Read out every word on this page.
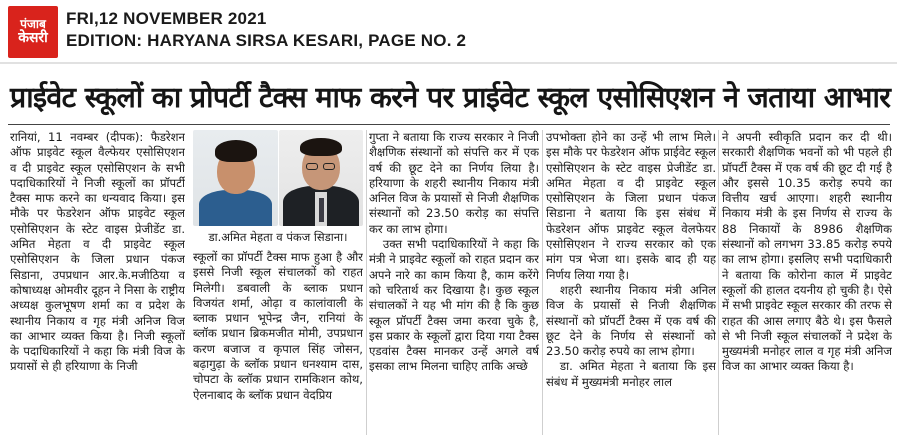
पंजाब
केसरी
FRI,12 NOVEMBER 2021
EDITION: HARYANA SIRSA KESARI, PAGE NO. 2
प्राईवेट स्कूलों का प्रोपर्टी टैक्स माफ करने पर प्राईवेट स्कूल एसोसिएशन ने जताया आभार

रानियां, 11 नवम्बर (दीपक): फैडरेशन ऑफ प्राइवेट स्कूल वैल्फेयर एसोसिएशन व दी प्राइवेट स्कूल एसोसिएशन के सभी पदाधिकारियों ने निजी स्कूलों का प्रॉपर्टी टैक्स माफ करने का धन्यवाद किया। इस मौके पर फेडरेशन ऑफ प्राइवेट स्कूल एसोसिएशन के स्टेट वाइस प्रेजीडेंट डा. अमित मेहता व दी प्राइवेट स्कूल एसोसिएशन के जिला प्रधान पंकज सिडाना, उपप्रधान आर.के.मजीठिया व कोषाध्यक्ष ओमवीर दूहन ने निसा के राष्ट्रीय अध्यक्ष कुलभूषण शर्मा का व प्रदेश के स्थानीय निकाय व गृह मंत्री अनिज विज का आभार व्यक्त किया है। निजी स्कूलों के पदाधिकारियों ने कहा कि मंत्री विज के प्रयासों से ही हरियाणा के निजी

डा.अमित मेहता व पंकज सिडाना।

स्कूलों का प्रॉपर्टी टैक्स माफ हुआ है और इससे निजी स्कूल संचालकों को राहत मिलेगी। डबवाली के ब्लाक प्रधान विजयंत शर्मा, ओढ़ा व कालांवाली के ब्लाक प्रधान भूपेन्द्र जैन, रानियां के ब्लॉक प्रधान ब्रिकमजीत मोमी, उपप्रधान करण बजाज व कृपाल सिंह जोसन, बढ़ागुढ़ा के ब्लॉक प्रधान धनश्याम दास, चोपटा के ब्लॉक प्रधान रामकिशन कोथ, ऐलनाबाद के ब्लॉक प्रधान वेदप्रिय

गुप्ता ने बताया कि राज्य सरकार ने निजी शैक्षणिक संस्थानों को संपत्ति कर में एक वर्ष की छूट देने का निर्णय लिया है। हरियाणा के शहरी स्थानीय निकाय मंत्री अनिल विज के प्रयासों से निजी शैक्षणिक संस्थानों को 23.50 करोड़ का संपत्ति कर का लाभ होगा।

उक्त सभी पदाधिकारियों ने कहा कि मंत्री ने प्राइवेट स्कूलों को राहत प्रदान कर अपने नारे का काम किया है, काम करेंगे को चरितार्थ कर दिखाया है। कुछ स्कूल संचालकों ने यह भी मांग की है कि कुछ स्कूल प्रॉपर्टी टैक्स जमा करवा चुके है, इस प्रकार के स्कूलों द्वारा दिया गया टैक्स एडवांस टैक्स मानकर उन्हें अगले वर्ष इसका लाभ मिलना चाहिए ताकि अच्छे

उपभोक्ता होने का उन्हें भी लाभ मिले। इस मौके पर फेडरेशन ऑफ प्राईवेट स्कूल एसोसिएशन के स्टेट वाइस प्रेजीडेंट डा. अमित मेहता व दी प्राइवेट स्कूल एसोसिएशन के जिला प्रधान पंकज सिडाना ने बताया कि इस संबंध में फेडरेशन ऑफ प्राइवेट स्कूल वेलफेयर एसोसिएशन ने राज्य सरकार को एक मांग पत्र भेजा था। इसके बाद ही यह निर्णय लिया गया है।

शहरी स्थानीय निकाय मंत्री अनिल विज के प्रयासों से निजी शैक्षणिक संस्थानों को प्रॉपर्टी टैक्स में एक वर्ष की छूट देने के निर्णय से संस्थानों को 23.50 करोड़ रुपये का लाभ होगा।

डा. अमित मेहता ने बताया कि इस संबंध में मुख्यमंत्री मनोहर लाल

ने अपनी स्वीकृति प्रदान कर दी थी। सरकारी शैक्षणिक भवनों को भी पहले ही प्रॉपर्टी टैक्स में एक वर्ष की छूट दी गई है और इससे 10.35 करोड़ रुपये का वित्तीय खर्च आएगा। शहरी स्थानीय निकाय मंत्री के इस निर्णय से राज्य के 88 निकायों के 8986 शैक्षणिक संस्थानों को लगभग 33.85 करोड़ रुपये का लाभ होगा। इसलिए सभी पदाधिकारी ने बताया कि कोरोना काल में प्राइवेट स्कूलों की हालत दयनीय हो चुकी है। ऐसे में सभी प्राइवेट स्कूल सरकार की तरफ से राहत की आस लगाए बैठे थे। इस फैसले से भी निजी स्कूल संचालकों ने प्रदेश के मुख्यमंत्री मनोहर लाल व गृह मंत्री अनिज विज का आभार व्यक्त किया है।
